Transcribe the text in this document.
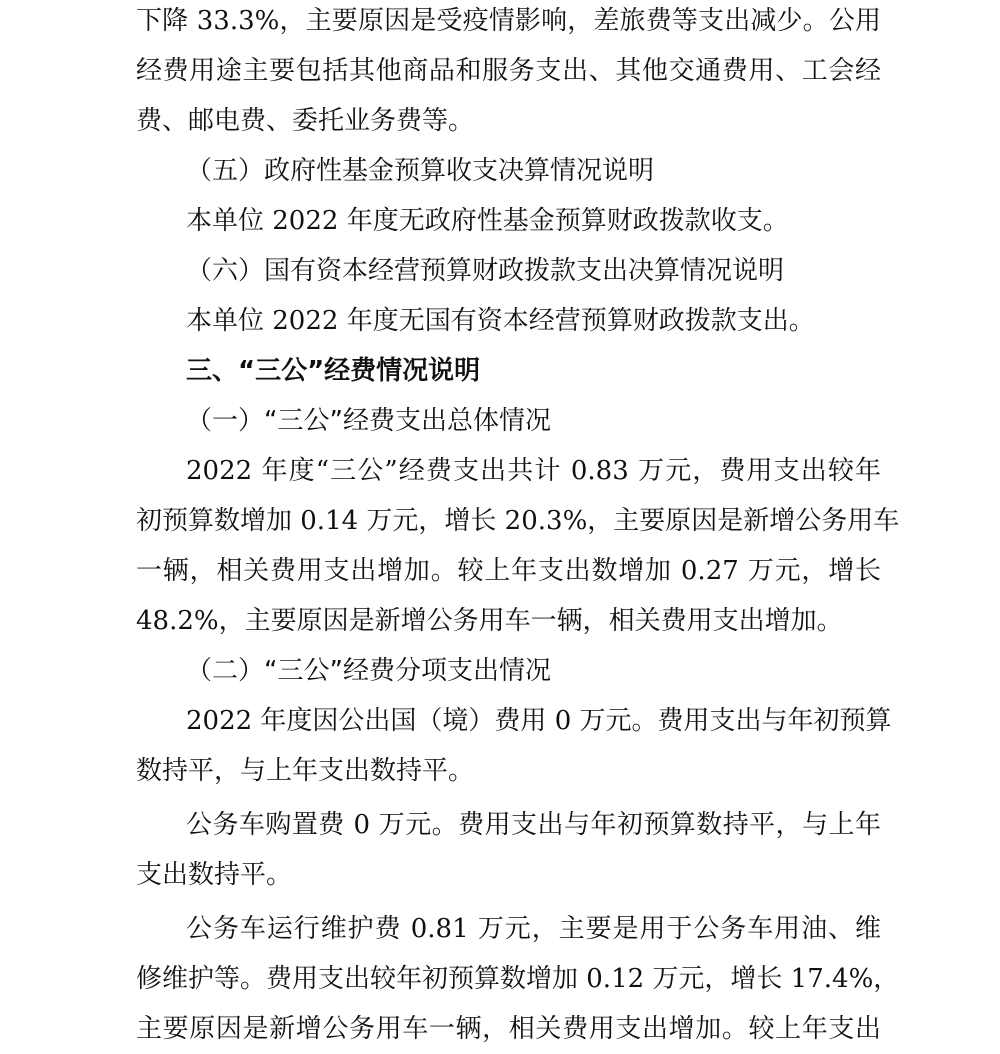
下降 33.3%，主要原因是受疫情影响，差旅费等支出减少。公用
经费用途主要包括其他商品和服务支出、其他交通费用、工会经
费、邮电费、委托业务费等。
（五）政府性基金预算收支决算情况说明
本单位 2022 年度无政府性基金预算财政拨款收支。
（六）国有资本经营预算财政拨款支出决算情况说明
本单位 2022 年度无国有资本经营预算财政拨款支出。
三、“三公”经费情况说明
（一）“三公”经费支出总体情况
2022 年度“三公”经费支出共计 0.83 万元，费用支出较年
初预算数增加 0.14 万元，增长 20.3%，主要原因是新增公务用车
一辆，相关费用支出增加。较上年支出数增加 0.27 万元，增长
48.2%，主要原因是新增公务用车一辆，相关费用支出增加。
（二）“三公”经费分项支出情况
2022 年度因公出国（境）费用 0 万元。费用支出与年初预算
数持平，与上年支出数持平。
公务车购置费 0 万元。费用支出与年初预算数持平，与上年
支出数持平。
公务车运行维护费 0.81 万元，主要是用于公务车用油、维
修维护等。费用支出较年初预算数增加 0.12 万元，增长 17.4%，
主要原因是新增公务用车一辆，相关费用支出增加。较上年支出
